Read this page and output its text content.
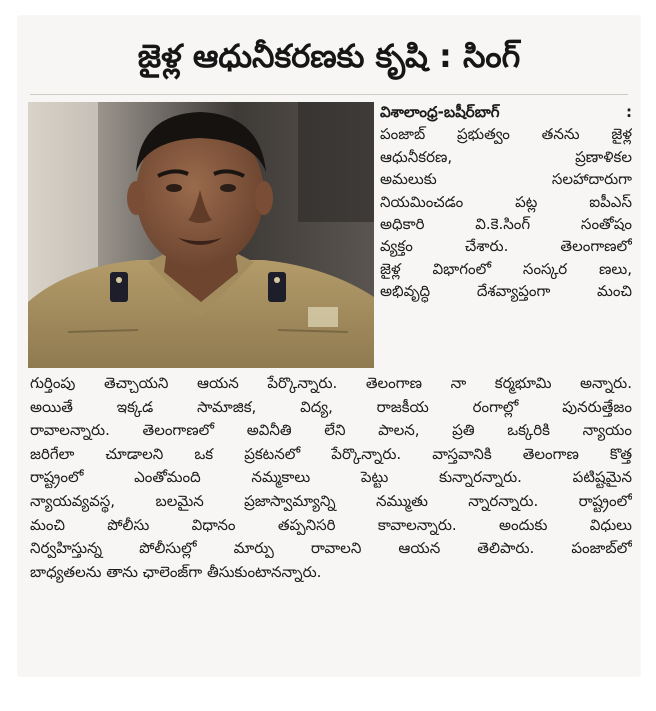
జైళ్ల ఆధునీకరణకు కృషి : సింగ్
విశాలాంధ్ర-బషీర్‌బాగ్	:
పంజాబ్ ప్రభుత్వం తనను జైళ్ల
ఆధునీకరణ, ప్రణాళికల
అమలుకు సలహాదారుగా
నియమించడం పట్ల ఐపీఎస్
అధికారి వి.కె.సింగ్ సంతోషం
వ్యక్తం చేశారు. తెలంగాణలో
జైళ్ల విభాగంలో సంస్కర ణలు,
అభివృద్ధి దేశవ్యాప్తంగా మంచి
గుర్తింపు తెచ్చాయని ఆయన పేర్కొన్నారు. తెలంగాణ నా కర్మభూమి అన్నారు.
అయితే ఇక్కడ సామాజిక, విద్య, రాజకీయ రంగాల్లో పునరుత్తేజం
రావాలన్నారు. తెలంగాణలో అవినీతి లేని పాలన, ప్రతి ఒక్కరికి న్యాయం
జరిగేలా చూడాలని ఒక ప్రకటనలో పేర్కొన్నారు. వాస్తవానికి తెలంగాణ కొత్త
రాష్ట్రంలో ఎంతోమంది నమ్మకాలు పెట్టు కున్నారన్నారు. పటిష్టమైన
న్యాయవ్యవస్థ, బలమైన ప్రజాస్వామ్యాన్ని నమ్ముతు న్నారన్నారు. రాష్ట్రంలో
మంచి పోలీసు విధానం తప్పనిసరి కావాలన్నారు. అందుకు విధులు
నిర్వహిస్తున్న పోలీసుల్లో మార్పు రావాలని ఆయన తెలిపారు. పంజాబ్‌లో
బాధ్యతలను తాను ఛాలెంజ్‌గా తీసుకుంటానన్నారు.
